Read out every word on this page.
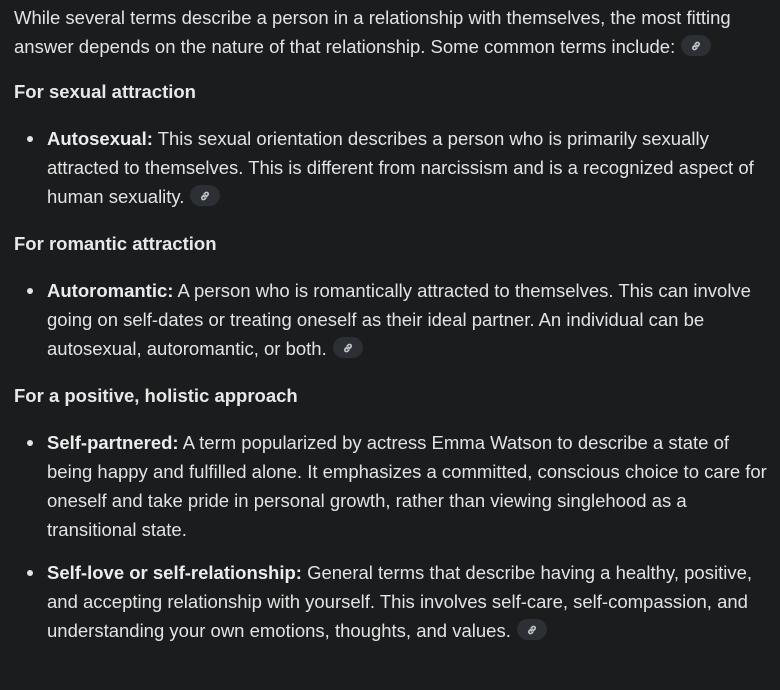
While several terms describe a person in a relationship with themselves, the most fitting answer depends on the nature of that relationship. Some common terms include:

For sexual attraction
Autosexual: This sexual orientation describes a person who is primarily sexually attracted to themselves. This is different from narcissism and is a recognized aspect of human sexuality.
For romantic attraction
Autoromantic: A person who is romantically attracted to themselves. This can involve going on self-dates or treating oneself as their ideal partner. An individual can be autosexual, autoromantic, or both.
For a positive, holistic approach
Self-partnered: A term popularized by actress Emma Watson to describe a state of being happy and fulfilled alone. It emphasizes a committed, conscious choice to care for oneself and take pride in personal growth, rather than viewing singlehood as a transitional state.
Self-love or self-relationship: General terms that describe having a healthy, positive, and accepting relationship with yourself. This involves self-care, self-compassion, and understanding your own emotions, thoughts, and values.
